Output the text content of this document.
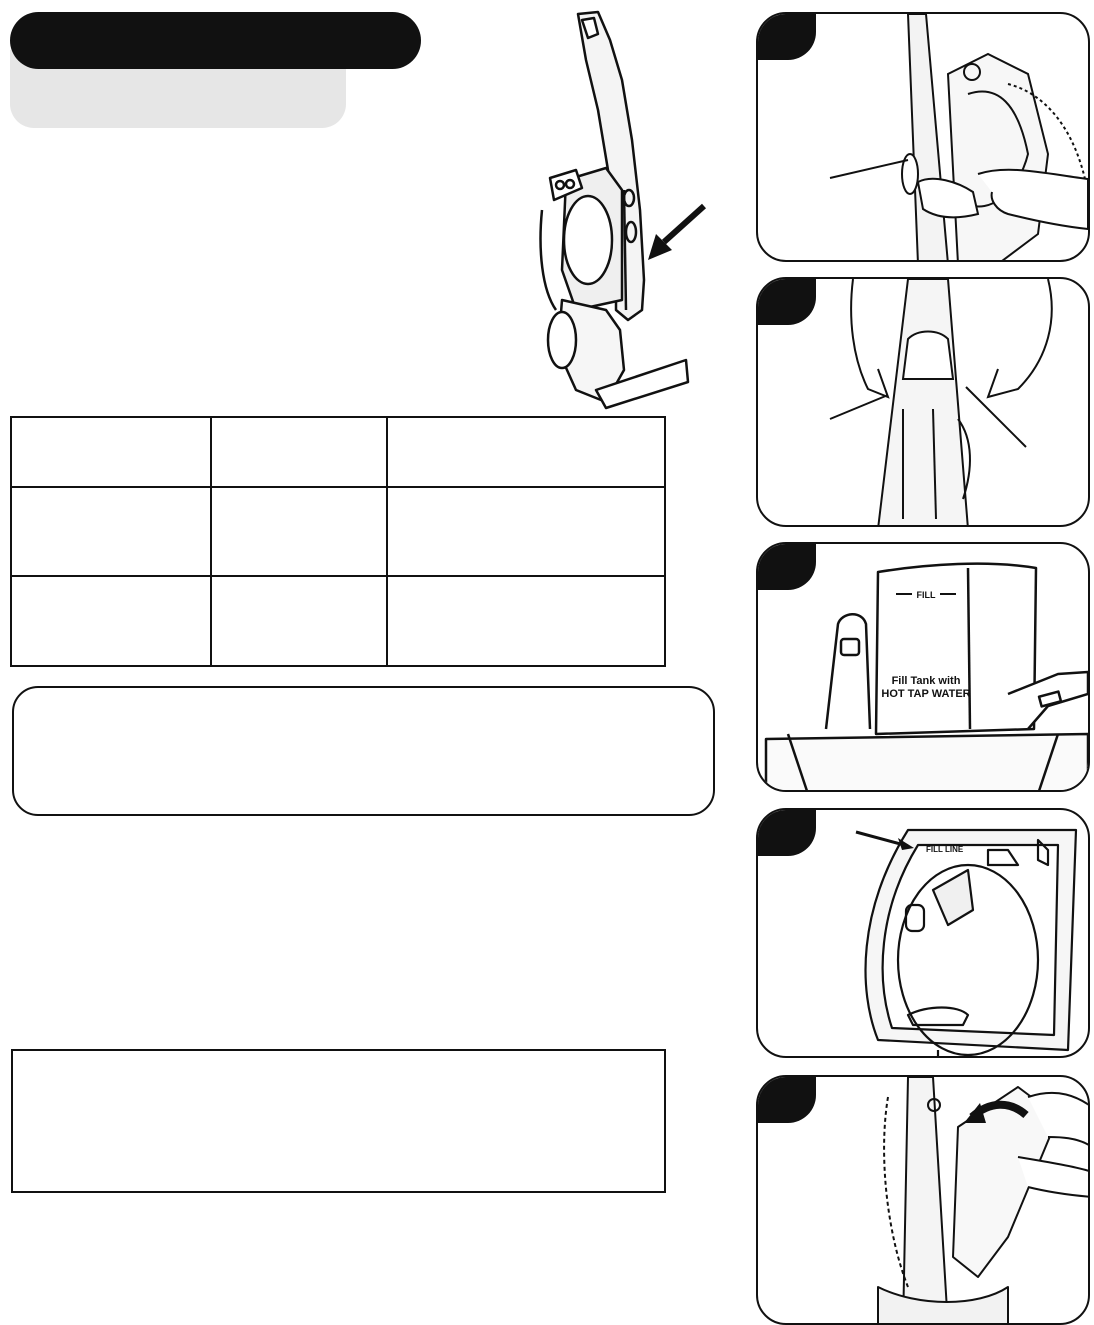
FILL
Fill Tank with
HOT TAP WATER
FILL LINE
